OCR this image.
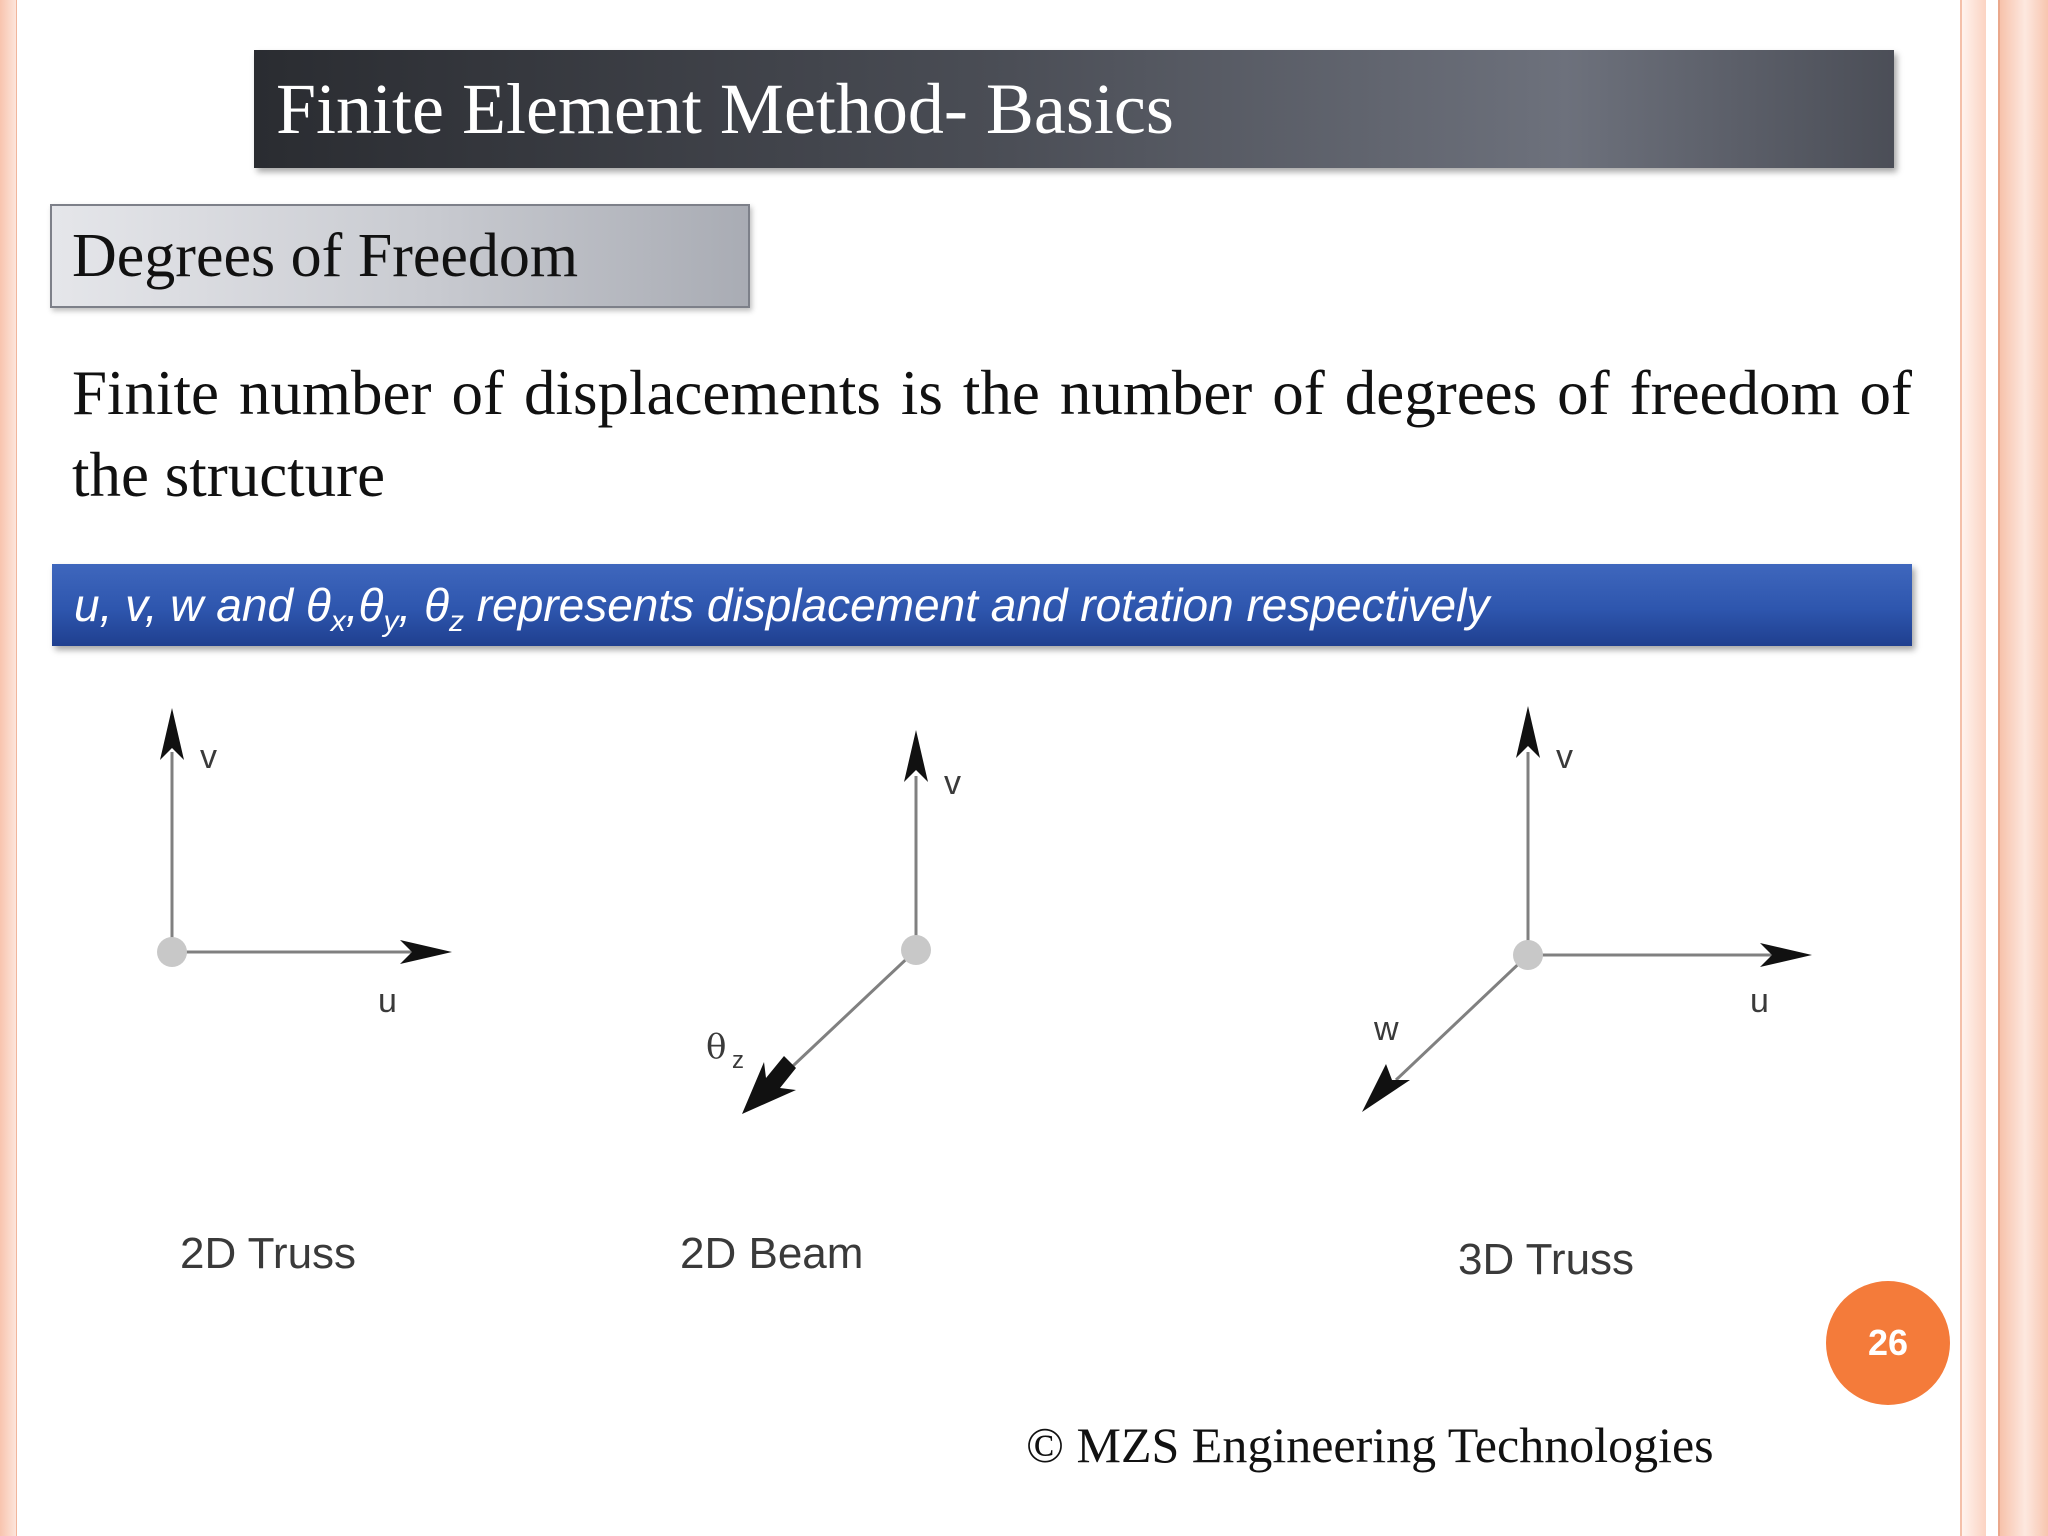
Finite Element Method- Basics
Degrees of Freedom

Finite number of displacements is the number of degrees of freedom of the structure

u, v, w and $\theta_x,\theta_y$, $\theta_z$ represents displacement and rotation respectively
v
u
2D Truss
v
θ z
2D Beam
v
u
w
3D Truss
26
© MZS Engineering Technologies
